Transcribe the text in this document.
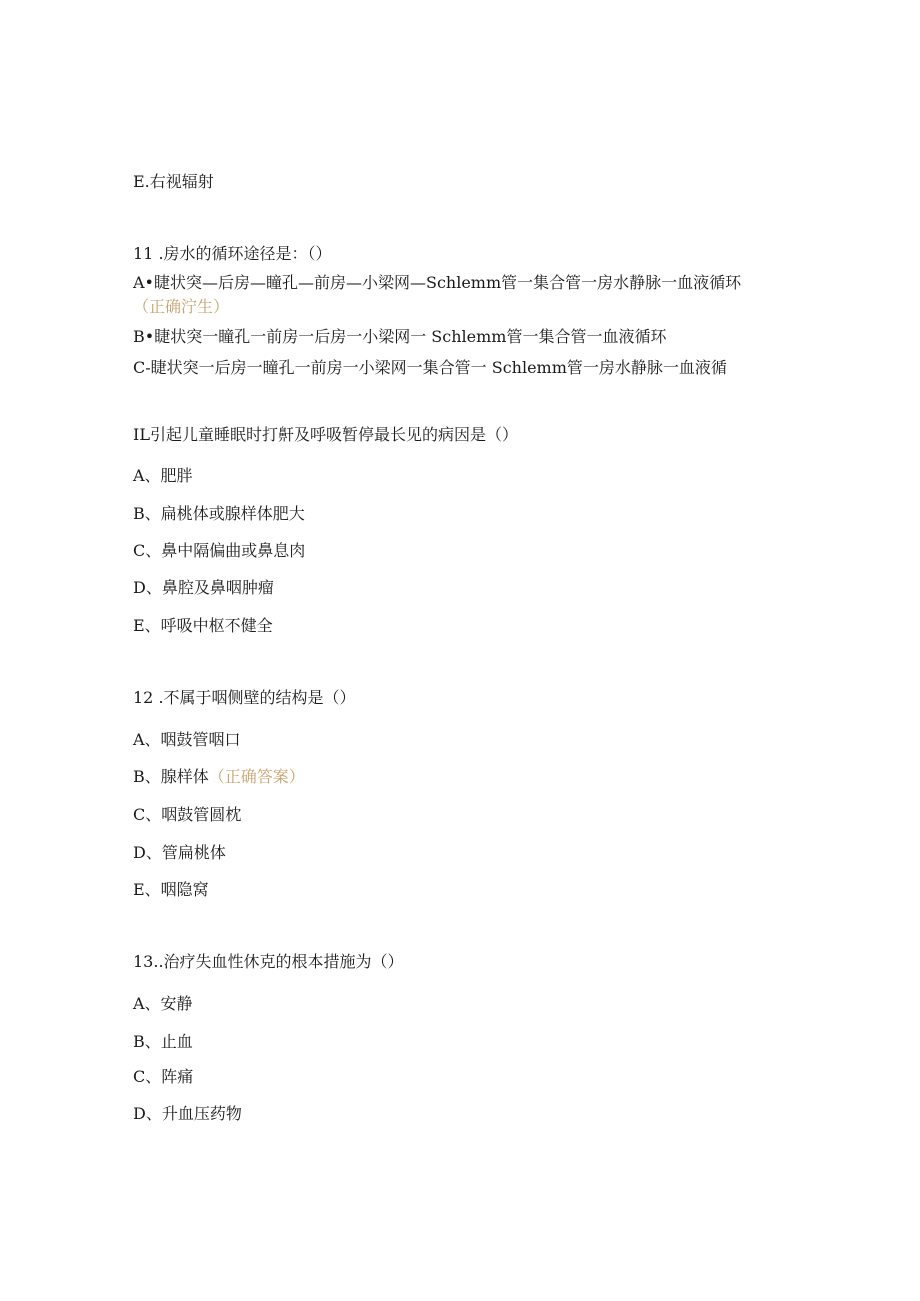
E.右视辐射

11 .房水的循环途径是：（）

A•睫状突—后房—瞳孔—前房—小梁网—Schlemm管一集合管一房水静脉一血液循环

（正确泞生）

B•睫状突一瞳孔一前房一后房一小梁网一 Schlemm管一集合管一血液循环

C-睫状突一后房一瞳孔一前房一小梁网一集合管一 Schlemm管一房水静脉一血液循

IL引起儿童睡眠时打鼾及呼吸暂停最长见的病因是（）

A、肥胖

B、扁桃体或腺样体肥大

C、鼻中隔偏曲或鼻息肉

D、鼻腔及鼻咽肿瘤

E、呼吸中枢不健全

12 .不属于咽侧壁的结构是（）

A、咽鼓管咽口

B、腺样体（正确答案）

C、咽鼓管圆枕

D、管扁桃体

E、咽隐窝

13..治疗失血性休克的根本措施为（）

A、安静

B、止血

C、阵痛

D、升血压药物
